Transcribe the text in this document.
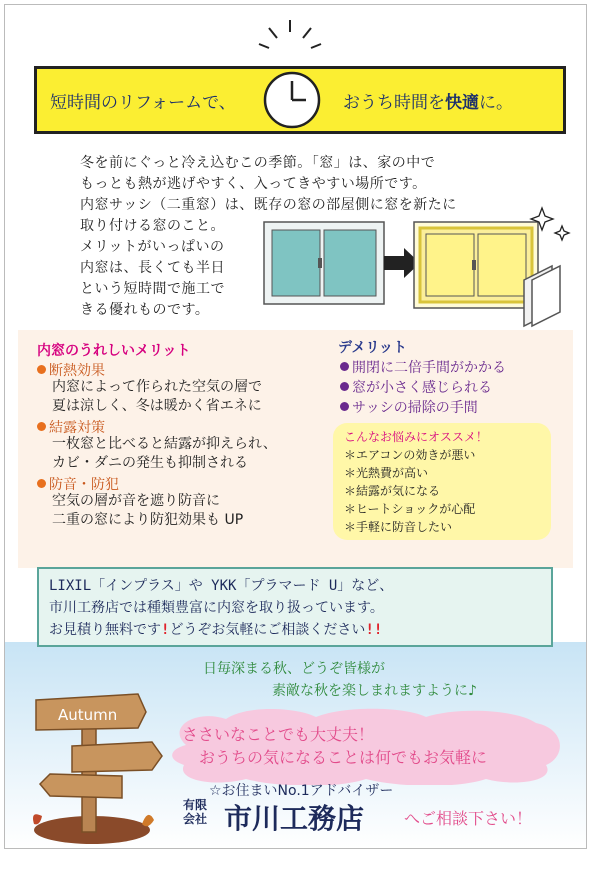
短時間のリフォームで、	おうち時間を快適に。
冬を前にぐっと冷え込むこの季節。「窓」は、家の中で
もっとも熱が逃げやすく、入ってきやすい場所です。
内窓サッシ（二重窓）は、既存の窓の部屋側に窓を新たに
取り付ける窓のこと。
メリットがいっぱいの
内窓は、長くても半日
という短時間で施工で
きる優れものです。
内窓のうれしいメリット
断熱効果
内窓によって作られた空気の層で
夏は涼しく、冬は暖かく省エネに
結露対策
一枚窓と比べると結露が抑えられ、
カビ・ダニの発生も抑制される
防音・防犯
空気の層が音を遮り防音に
二重の窓により防犯効果も UP
デメリット
開閉に二倍手間がかかる
窓が小さく感じられる
サッシの掃除の手間
こんなお悩みにオススメ！
＊エアコンの効きが悪い
＊光熱費が高い
＊結露が気になる
＊ヒートショックが心配
＊手軽に防音したい
LIXIL「インプラス」や YKK「プラマード U」など、
市川工務店では種類豊富に内窓を取り扱っています。
お見積り無料です!どうぞお気軽にご相談ください!!
日毎深まる秋、どうぞ皆様が
素敵な秋を楽しまれますように♪
Autumn
ささいなことでも大丈夫！
おうちの気になることは何でもお気軽に
☆お住まいNo.1アドバイザー
有限
会社 市川工務店 へご相談下さい！
